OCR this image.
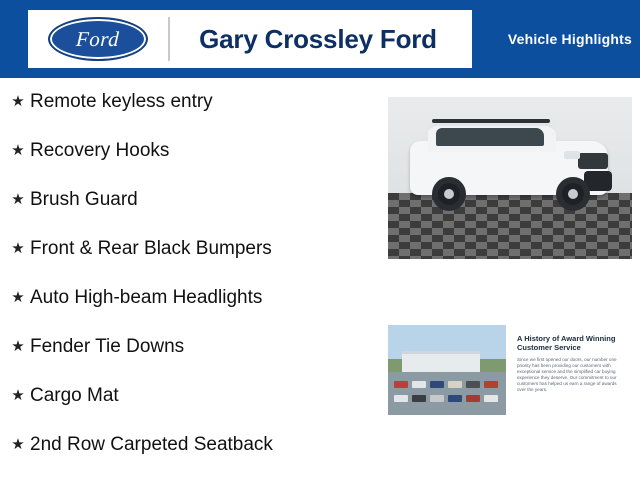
Ford	Gary Crossley Ford	Vehicle Highlights
★ Remote keyless entry
★ Recovery Hooks
★ Brush Guard
★ Front & Rear Black Bumpers
★ Auto High-beam Headlights
★ Fender Tie Downs
★ Cargo Mat
★ 2nd Row Carpeted Seatback
A History of Award Winning Customer Service
Since we first opened our doors, our number one priority has been providing our customers with exceptional service and the simplified car buying experience they deserve. Our commitment to our customers has helped us earn a range of awards over the years.
